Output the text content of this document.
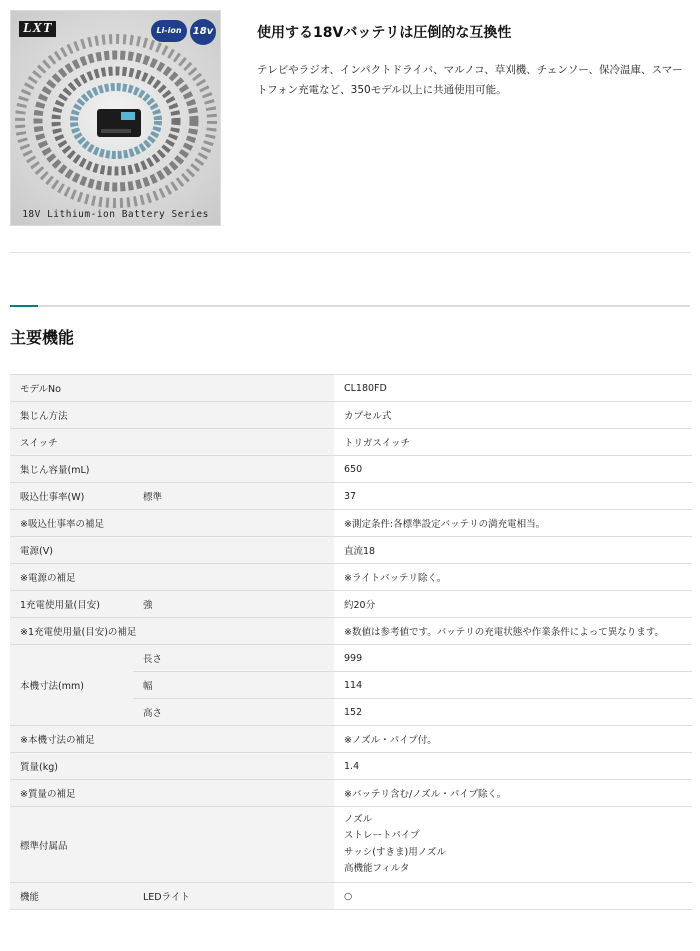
LXT	Li-ion	18v
18V Lithium-ion Battery Series
使用する18Vバッテリは圧倒的な互換性
テレビやラジオ、インパクトドライバ、マルノコ、草刈機、チェンソー、保冷温庫、スマートフォン充電など、350モデル以上に共通使用可能。
主要機能
モデルNo		CL180FD
集じん方法		カプセル式
スイッチ		トリガスイッチ
集じん容量(mL)		650
吸込仕事率(W)	標準	37
※吸込仕事率の補足		※測定条件:各標準設定バッテリの満充電相当。
電源(V)		直流18
※電源の補足		※ライトバッテリ除く。
1充電使用量(目安)	強	約20分
※1充電使用量(目安)の補足		※数値は参考値です。バッテリの充電状態や作業条件によって異なります。
本機寸法(mm)	長さ	999
	幅	114
	高さ	152
※本機寸法の補足		※ノズル・パイプ付。
質量(kg)		1.4
※質量の補足		※バッテリ含む/ノズル・パイプ除く。
標準付属品		ノズル
ストレートパイプ
サッシ(すきま)用ノズル
高機能フィルタ

機能	LEDライト	○
